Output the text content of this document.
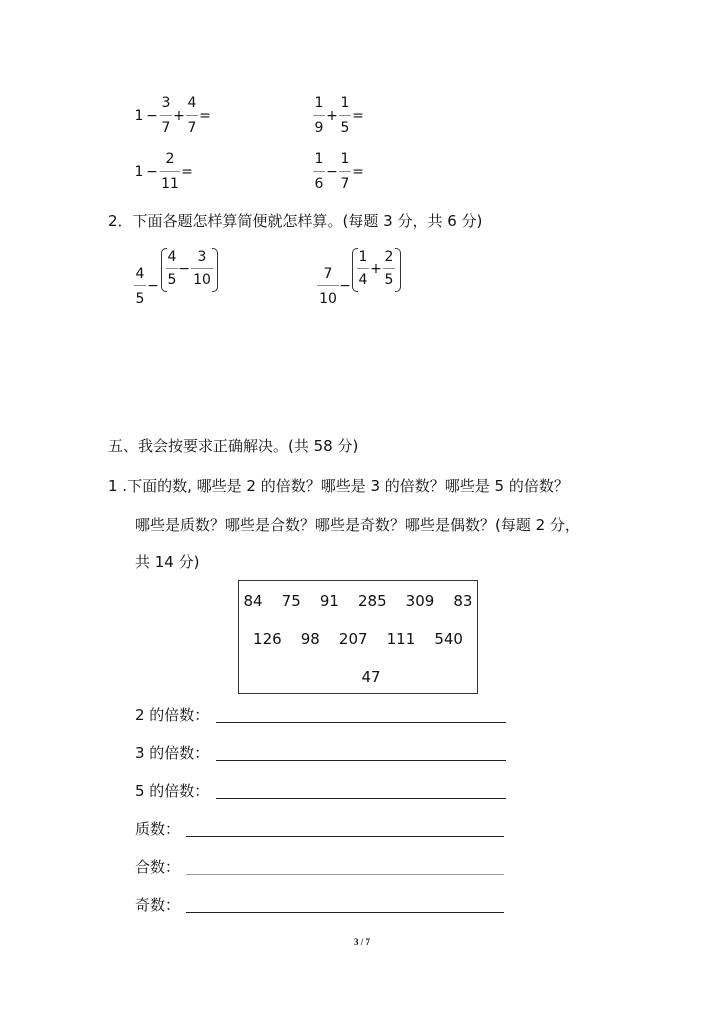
1 −
3
7
+
4
7
=
1
9
+
1
5
=
1 −
2
11
=
1
6
−
1
7
=
2．下面各题怎样算简便就怎样算。(每题 3 分，共 6 分)
4
5
−
4
5
−
3
10	7
10
−
1
4
+
2
5
五、我会按要求正确解决。(共 58 分)
1 .下面的数, 哪些是 2 的倍数？哪些是 3 的倍数？哪些是 5 的倍数？
哪些是质数？哪些是合数？哪些是奇数？哪些是偶数？(每题 2 分，
共 14 分)
84    75    91    285    309    83
126    98    207    111    540
47
2 的倍数：
3 的倍数：
5 的倍数：
质数：
合数：
奇数：
3 / 7
